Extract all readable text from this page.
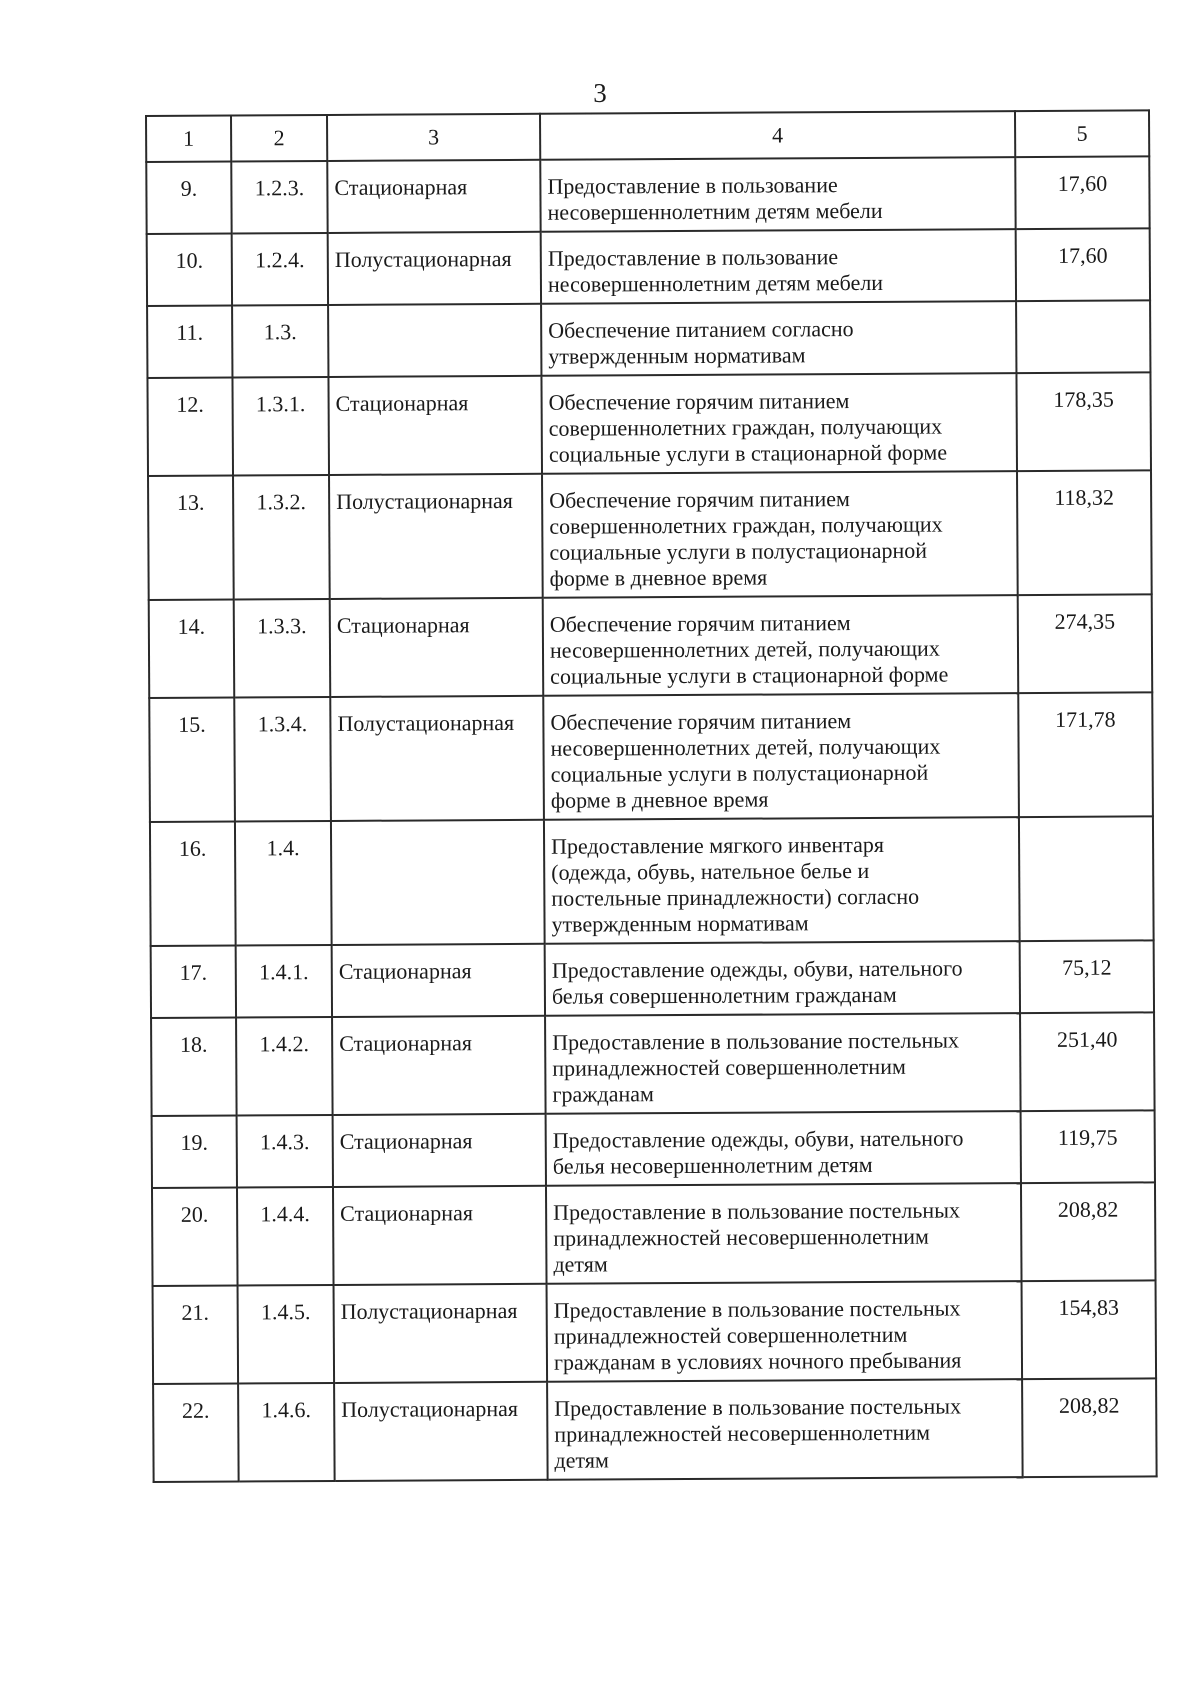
3
1	2	3	4	5
9.	1.2.3.	Стационарная	Предоставление в пользование
несовершеннолетним детям мебели	17,60
10.	1.2.4.	Полустационарная	Предоставление в пользование
несовершеннолетним детям мебели	17,60
11.	1.3.		Обеспечение питанием согласно
утвержденным нормативам	

12.	1.3.1.	Стационарная	Обеспечение горячим питанием
совершеннолетних граждан, получающих
социальные услуги в стационарной форме	178,35
13.	1.3.2.	Полустационарная	Обеспечение горячим питанием
совершеннолетних граждан, получающих
социальные услуги в полустационарной
форме в дневное время	118,32
14.	1.3.3.	Стационарная	Обеспечение горячим питанием
несовершеннолетних детей, получающих
социальные услуги в стационарной форме	274,35
15.	1.3.4.	Полустационарная	Обеспечение горячим питанием
несовершеннолетних детей, получающих
социальные услуги в полустационарной
форме в дневное время	171,78
16.	1.4.		Предоставление мягкого инвентаря
(одежда, обувь, нательное белье и
постельные принадлежности) согласно
утвержденным нормативам	

17.	1.4.1.	Стационарная	Предоставление одежды, обуви, нательного
белья совершеннолетним гражданам	75,12
18.	1.4.2.	Стационарная	Предоставление в пользование постельных
принадлежностей совершеннолетним
гражданам	251,40
19.	1.4.3.	Стационарная	Предоставление одежды, обуви, нательного
белья несовершеннолетним детям	119,75
20.	1.4.4.	Стационарная	Предоставление в пользование постельных
принадлежностей несовершеннолетним
детям	208,82
21.	1.4.5.	Полустационарная	Предоставление в пользование постельных
принадлежностей совершеннолетним
гражданам в условиях ночного пребывания	154,83
22.	1.4.6.	Полустационарная	Предоставление в пользование постельных
принадлежностей несовершеннолетним
детям	208,82
